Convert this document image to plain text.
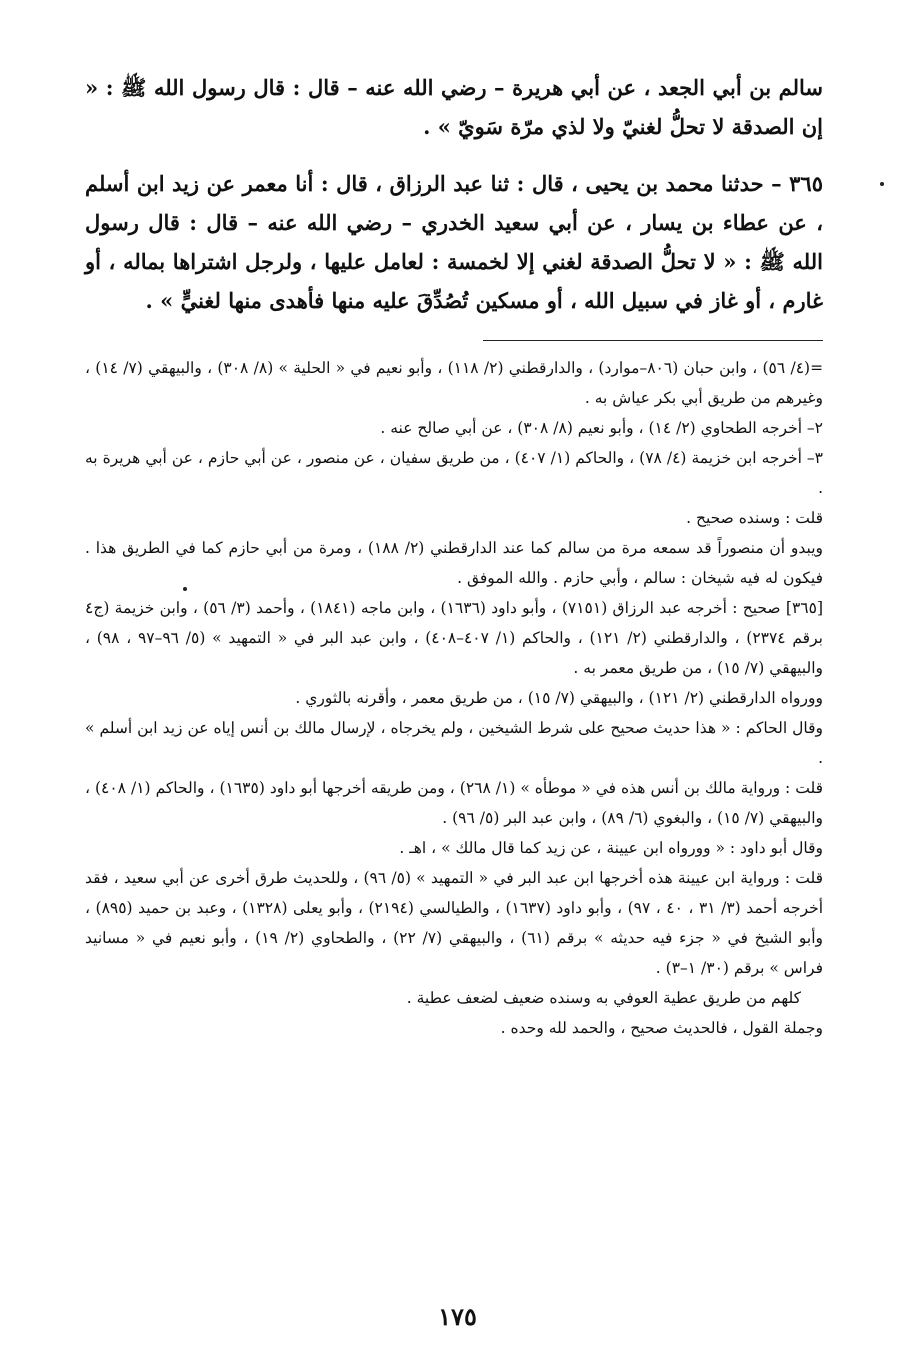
سالم بن أبي الجعد ، عن أبي هريرة – رضي الله عنه – قال : قال رسول الله ﷺ : « إن الصدقة لا تحلُّ لغنيّ ولا لذي مرّة سَويّ » .

٣٦٥ – حدثنا محمد بن يحيى ، قال : ثنا عبد الرزاق ، قال : أنا معمر عن زيد ابن أسلم ، عن عطاء بن يسار ، عن أبي سعيد الخدري – رضي الله عنه – قال : قال رسول الله ﷺ : « لا تحلُّ الصدقة لغني إلا لخمسة : لعامل عليها ، ولرجل اشتراها بماله ، أو غارم ، أو غاز في سبيل الله ، أو مسكين تُصُدِّقَ عليه منها فأهدى منها لغنيٍّ » .

=(٤/ ٥٦) ، وابن حبان (٨٠٦–موارد) ، والدارقطني (٢/ ١١٨) ، وأبو نعيم في « الحلية » (٨/ ٣٠٨) ، والبيهقي (٧/ ١٤) ، وغيرهم من طريق أبي بكر عياش به .

٢– أخرجه الطحاوي (٢/ ١٤) ، وأبو نعيم (٨/ ٣٠٨) ، عن أبي صالح عنه .

٣– أخرجه ابن خزيمة (٤/ ٧٨) ، والحاكم (١/ ٤٠٧) ، من طريق سفيان ، عن منصور ، عن أبي حازم ، عن أبي هريرة به .

قلت : وسنده صحيح .

ويبدو أن منصوراً قد سمعه مرة من سالم كما عند الدارقطني (٢/ ١٨٨) ، ومرة من أبي حازم كما في الطريق هذا . فيكون له فيه شيخان : سالم ، وأبي حازم . والله الموفق .

[٣٦٥] صحيح : أخرجه عبد الرزاق (٧١٥١) ، وأبو داود (١٦٣٦) ، وابن ماجه (١٨٤١) ، وأحمد (٣/ ٥٦) ، وابن خزيمة (ج٤ برقم ٢٣٧٤) ، والدارقطني (٢/ ١٢١) ، والحاكم (١/ ٤٠٧–٤٠٨) ، وابن عبد البر في « التمهيد » (٥/ ٩٦–٩٧ ، ٩٨) ، والبيهقي (٧/ ١٥) ، من طريق معمر به .

وورواه الدارقطني (٢/ ١٢١) ، والبيهقي (٧/ ١٥) ، من طريق معمر ، وأقرنه بالثوري .

وقال الحاكم : « هذا حديث صحيح على شرط الشيخين ، ولم يخرجاه ، لإرسال مالك بن أنس إياه عن زيد ابن أسلم » .

قلت : ورواية مالك بن أنس هذه في « موطأه » (١/ ٢٦٨) ، ومن طريقه أخرجها أبو داود (١٦٣٥) ، والحاكم (١/ ٤٠٨) ، والبيهقي (٧/ ١٥) ، والبغوي (٦/ ٨٩) ، وابن عبد البر (٥/ ٩٦) .

وقال أبو داود : « وورواه ابن عيينة ، عن زيد كما قال مالك » ، اهـ .

قلت : ورواية ابن عيينة هذه أخرجها ابن عبد البر في « التمهيد » (٥/ ٩٦) ، وللحديث طرق أخرى عن أبي سعيد ، فقد أخرجه أحمد (٣/ ٣١ ، ٤٠ ، ٩٧) ، وأبو داود (١٦٣٧) ، والطيالسي (٢١٩٤) ، وأبو يعلى (١٣٢٨) ، وعبد بن حميد (٨٩٥) ، وأبو الشيخ في « جزء فيه حديثه » برقم (٦١) ، والبيهقي (٧/ ٢٢) ، والطحاوي (٢/ ١٩) ، وأبو نعيم في « مسانيد فراس » برقم (٣٠/ ١–٣) .

كلهم من طريق عطية العوفي به وسنده ضعيف لضعف عطية .

وجملة القول ، فالحديث صحيح ، والحمد لله وحده .

١٧٥
